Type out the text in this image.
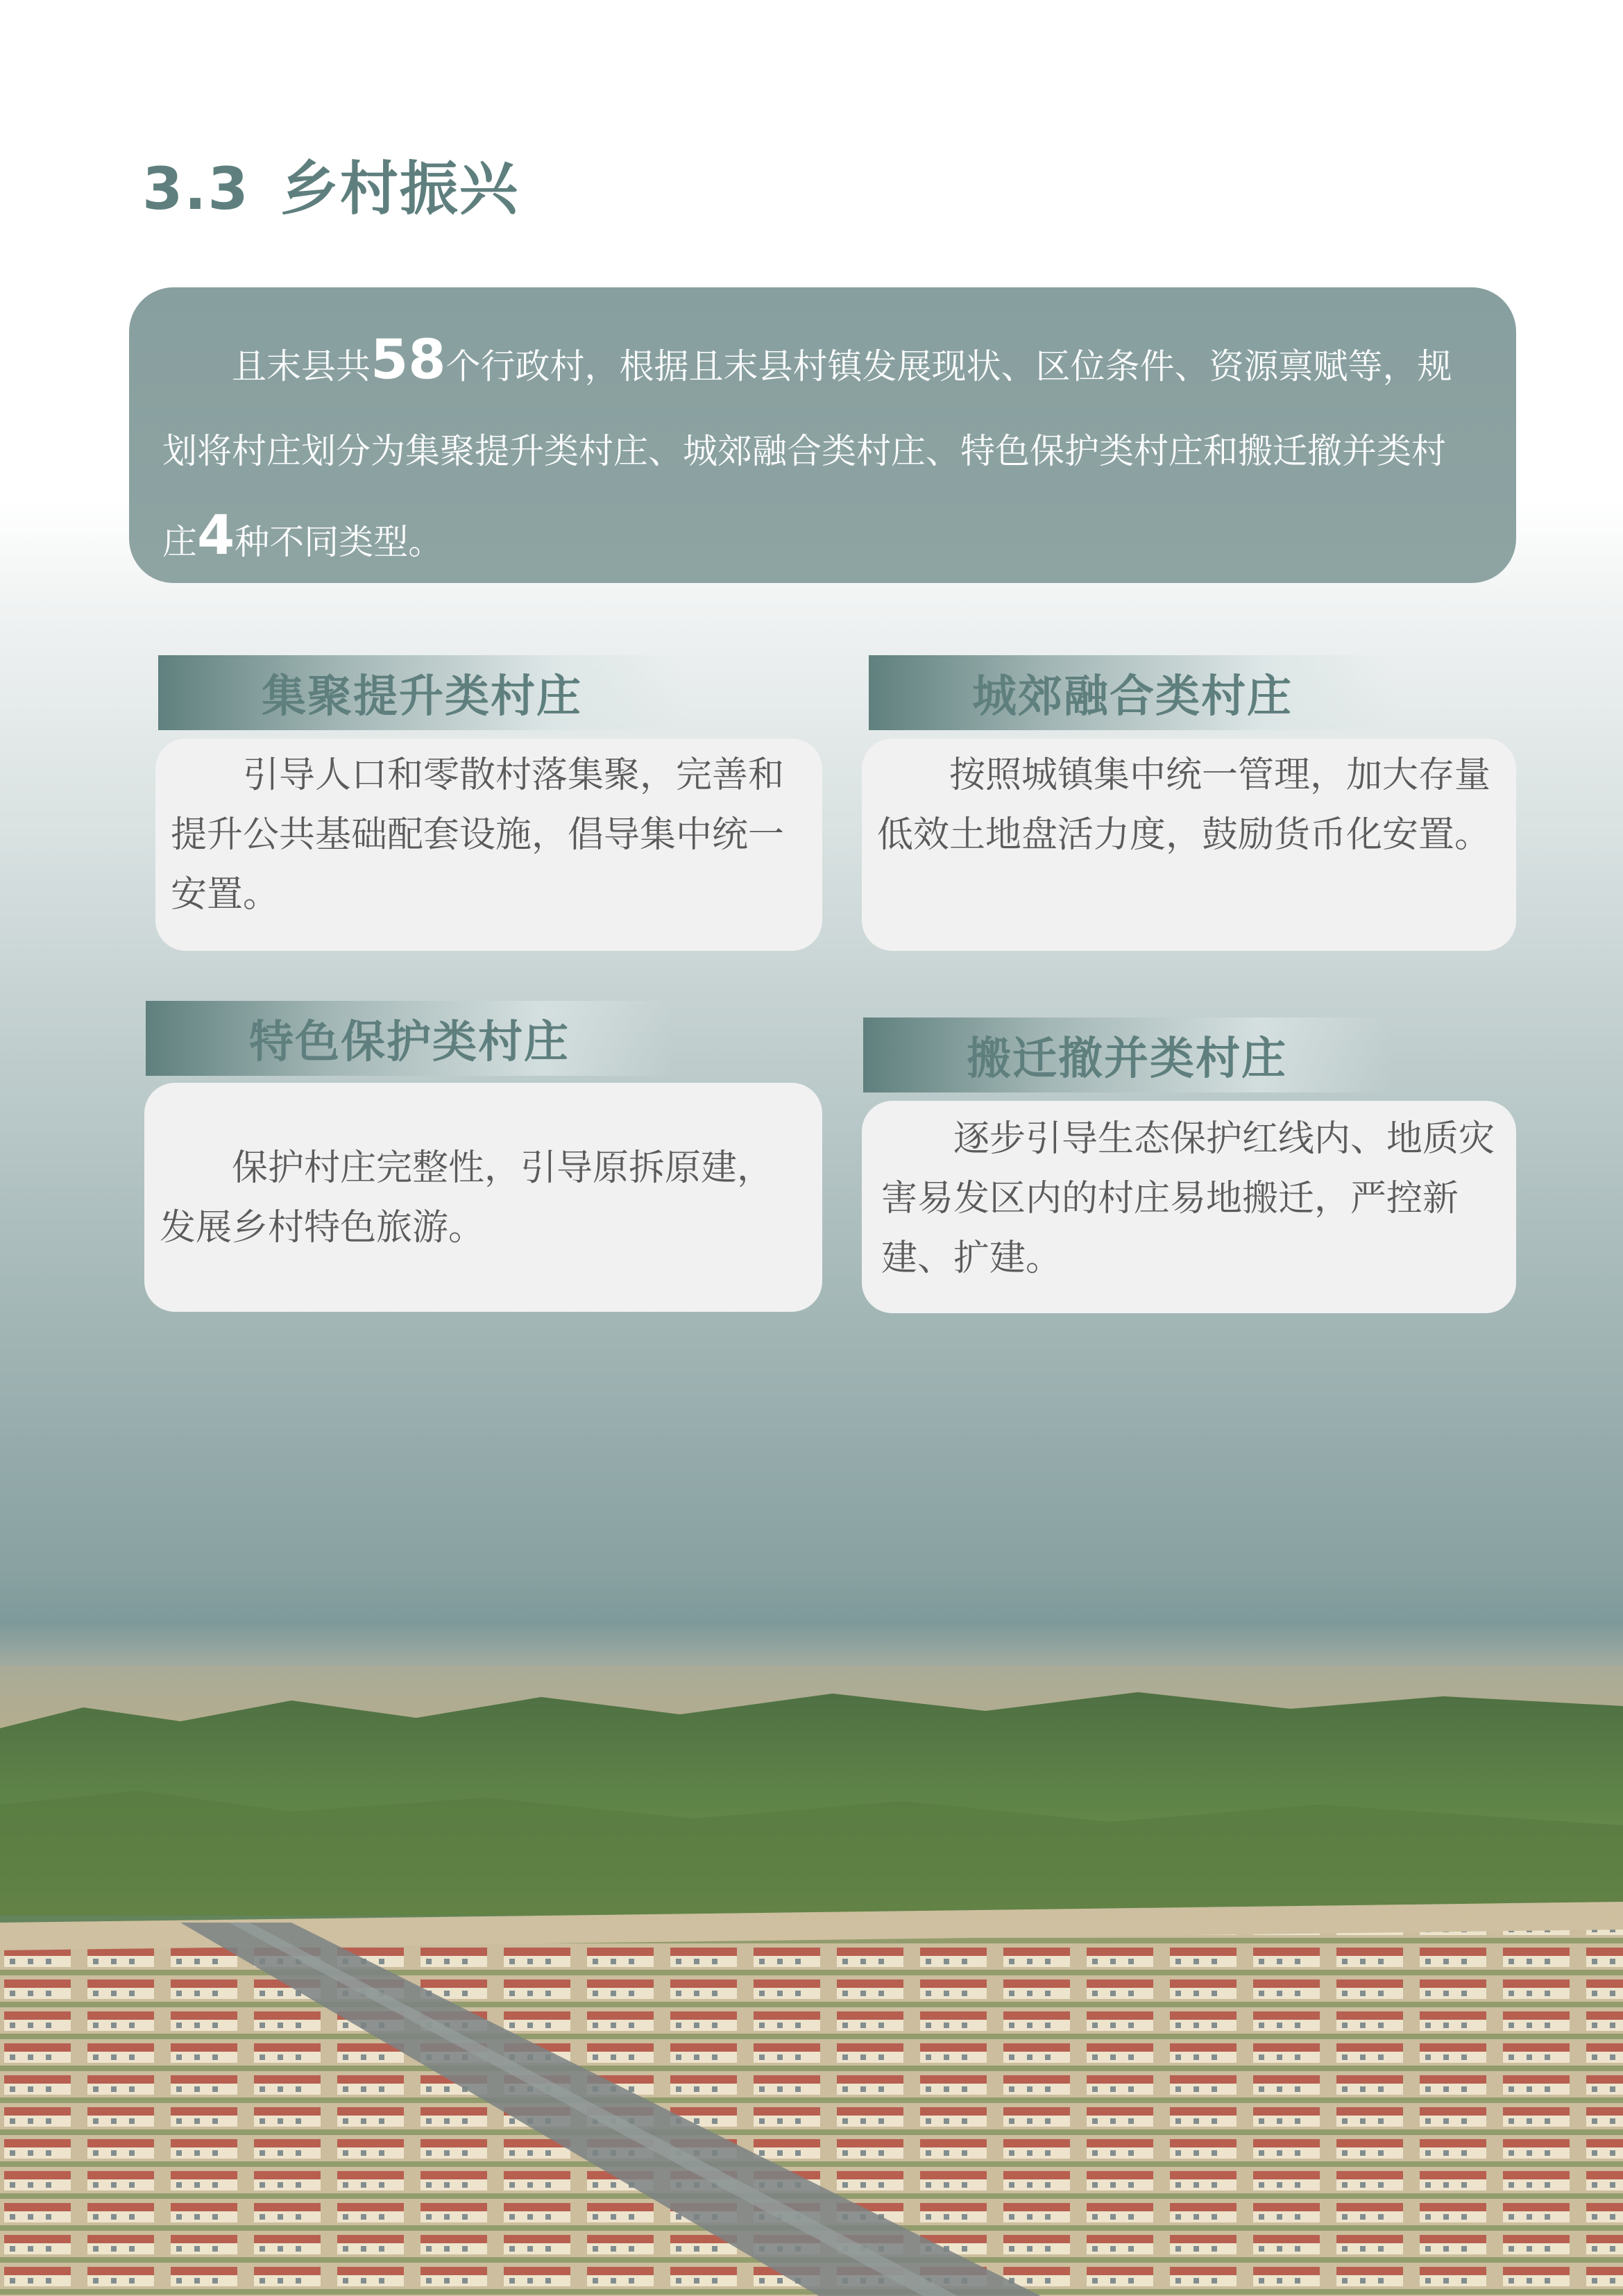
3.3 乡村振兴

且末县共58个行政村，根据且末县村镇发展现状、区位条件、资源禀赋等，规划将村庄划分为集聚提升类村庄、城郊融合类村庄、特色保护类村庄和搬迁撤并类村庄4种不同类型。

集聚提升类村庄

引导人口和零散村落集聚，完善和提升公共基础配套设施，倡导集中统一安置。

城郊融合类村庄

按照城镇集中统一管理，加大存量低效土地盘活力度，鼓励货币化安置。

特色保护类村庄

保护村庄完整性，引导原拆原建，发展乡村特色旅游。

搬迁撤并类村庄

逐步引导生态保护红线内、地质灾害易发区内的村庄易地搬迁，严控新建、扩建。
